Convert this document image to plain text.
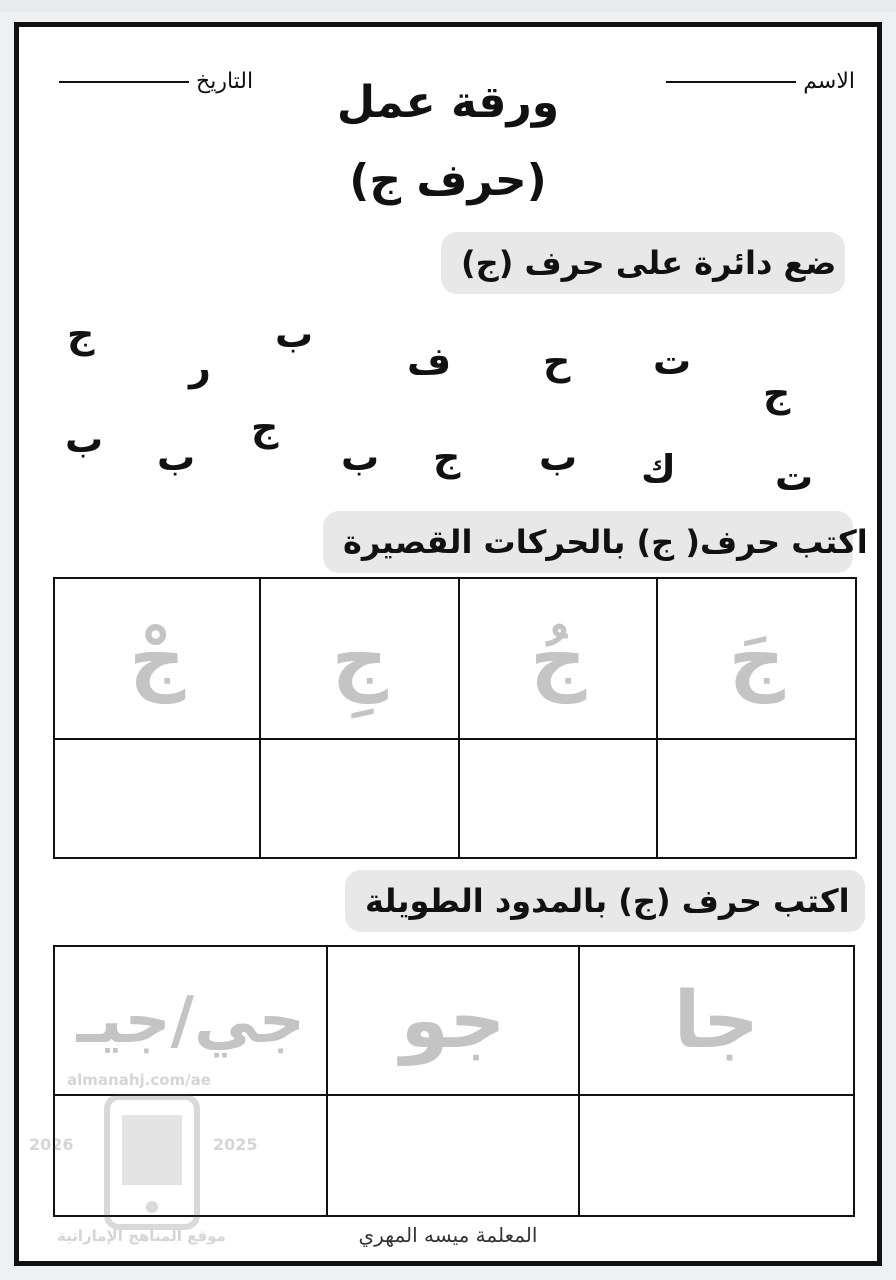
الاسم
التاريخ	ورقة عمل
(حرف ج)
ضع دائرة على حرف (ج)
ج
ر
ب
ف ح ت
ج
ب ب
ج
ب ج ب ك	ت
اكتب حرف( ج) بالحركات القصيرة
جْ	جِ	جُ	جَ

اكتب حرف (ج) بالمدود الطويلة
جي/جيـ	جو	جا

2026	2025
almanahj.com/ae
موقع المناهج الإماراتية	المعلمة ميسه المهري
